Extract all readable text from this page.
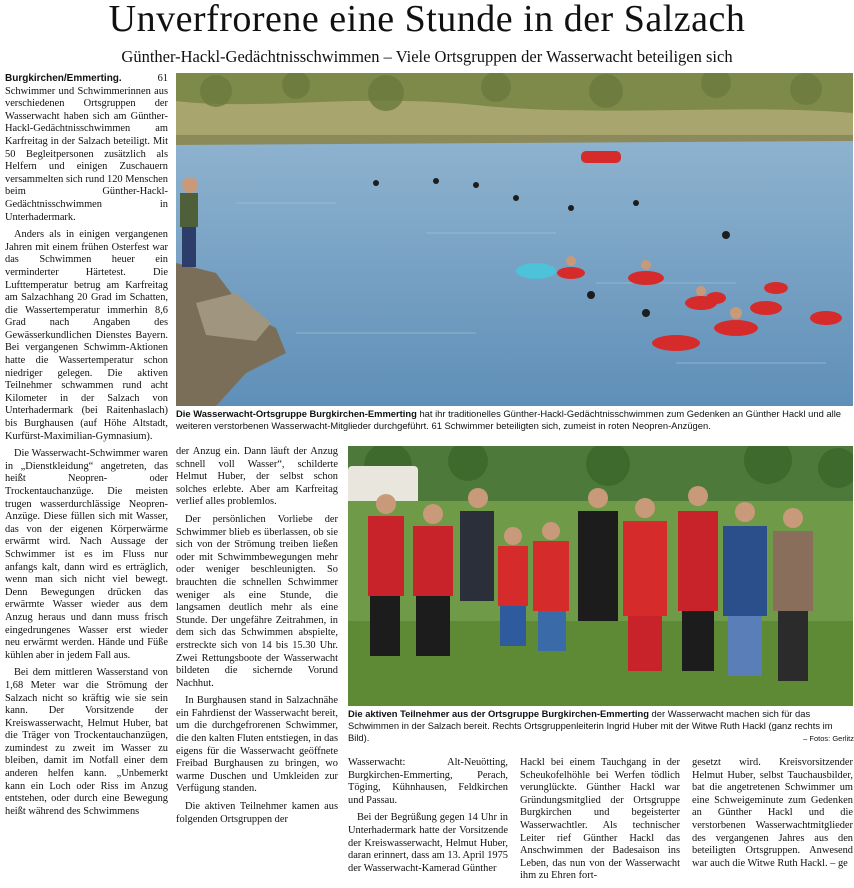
Unverfrorene eine Stunde in der Salzach
Günther-Hackl-Gedächtnisschwimmen – Viele Ortsgruppen der Wasserwacht beteiligen sich

Burgkirchen/Emmerting.	61 Schwimmer und Schwimmerinnen aus verschiedenen Ortsgruppen der Wasserwacht haben sich am Günther-Hackl-Gedächtnisschwimmen am Karfreitag in der Salzach beteiligt. Mit 50 Begleitpersonen zusätzlich als Helfern und einigen Zuschauern versammelten sich rund 120 Menschen beim Günther-Hackl-Gedächtnisschwimmen in Unterhadermark.

Anders als in einigen vergangenen Jahren mit einem frühen Osterfest war das Schwimmen heuer ein verminderter Härtetest. Die Lufttemperatur betrug am Karfreitag am Salzachhang 20 Grad im Schatten, die Wassertemperatur immerhin 8,6 Grad nach Angaben des Gewässerkundlichen Dienstes Bayern. Bei vergangenen Schwimm-Aktionen hatte die Wassertemperatur schon niedriger gelegen. Die aktiven Teilnehmer schwammen rund acht Kilometer in der Salzach von Unterhadermark (bei Raitenhaslach) bis Burghausen (auf Höhe Altstadt, Kurfürst-Maximilian-Gymnasium).

Die Wasserwacht-Schwimmer waren in „Dienstkleidung“ angetreten, das heißt Neopren- oder Trockentauchanzüge. Die meisten trugen wasserdurchlässige Neopren-Anzüge. Diese füllen sich mit Wasser, das von der eigenen Körperwärme erwärmt wird. Nach Aussage der Schwimmer ist es im Fluss nur anfangs kalt, dann wird es erträglich, wenn man sich nicht viel bewegt. Denn Bewegungen drücken das erwärmte Wasser wieder aus dem Anzug heraus und dann muss frisch eingedrungenes Wasser erst wieder neu erwärmt werden. Hände und Füße kühlen aber in jedem Fall aus.

Bei dem mittleren Wasserstand von 1,68 Meter war die Strömung der Salzach nicht so kräftig wie sie sein kann. Der Vorsitzende der Kreiswasserwacht, Helmut Huber, bat die Träger von Trockentauchanzügen, zumindest zu zweit im Wasser zu bleiben, damit im Notfall einer dem anderen helfen kann. „Unbemerkt kann ein Loch oder Riss im Anzug entstehen, oder durch eine Bewegung heißt während des Schwimmens

Die Wasserwacht-Ortsgruppe Burgkirchen-Emmerting hat ihr traditionelles Günther-Hackl-Gedächtnisschwimmen zum Gedenken an Günther Hackl und alle weiteren verstorbenen Wasserwacht-Mitglieder durchgeführt. 61 Schwimmer beteiligten sich, zumeist in roten Neopren-Anzügen.

der Anzug ein. Dann läuft der Anzug schnell voll Wasser“, schilderte Helmut Huber, der selbst schon solches erlebte. Aber am Karfreitag verlief alles problemlos.

Der persönlichen Vorliebe der Schwimmer blieb es überlassen, ob sie sich von der Strömung treiben ließen oder mit Schwimmbewegungen mehr oder weniger beschleunigten. So brauchten die schnellen Schwimmer weniger als eine Stunde, die langsamen deutlich mehr als eine Stunde. Der ungefähre Zeitrahmen, in dem sich das Schwimmen abspielte, erstreckte sich von 14 bis 15.30 Uhr. Zwei Rettungsboote der Wasserwacht bildeten die sichernde Vorund Nachhut.

In Burghausen stand in Salzachnähe ein Fahrdienst der Wasserwacht bereit, um die durchgefrorenen Schwimmer, die den kalten Fluten entstiegen, in das eigens für die Wasserwacht geöffnete Freibad Burghausen zu bringen, wo warme Duschen und Umkleiden zur Verfügung standen.

Die aktiven Teilnehmer kamen aus folgenden Ortsgruppen der

Die aktiven Teilnehmer aus der Ortsgruppe Burgkirchen-Emmerting der Wasserwacht machen sich für das Schwimmen in der Salzach bereit. Rechts Ortsgruppenleiterin Ingrid Huber mit der Witwe Ruth Hackl (ganz rechts im Bild).	– Fotos: Gerlitz

Wasserwacht: Alt-Neuötting, Burgkirchen-Emmerting, Perach, Töging, Kühnhausen, Feldkirchen und Passau.

Bei der Begrüßung gegen 14 Uhr in Unterhadermark hatte der Vorsitzende der Kreiswasserwacht, Helmut Huber, daran erinnert, dass am 13. April 1975 der Wasserwacht-Kamerad Günther

Hackl bei einem Tauchgang in der Scheukofelhöhle bei Werfen tödlich verunglückte. Günther Hackl war Gründungsmitglied der Ortsgruppe Burgkirchen und begeisterter Wasserwachtler. Als technischer Leiter rief Günther Hackl das Anschwimmen der Badesaison ins Leben, das nun von der Wasserwacht ihm zu Ehren fort-

gesetzt wird. Kreisvorsitzender Helmut Huber, selbst Tauchausbilder, bat die angetretenen Schwimmer um eine Schweigeminute zum Gedenken an Günther Hackl und die verstorbenen Wasserwachtmitglieder des vergangenen Jahres aus den beteiligten Ortsgruppen. Anwesend war auch die Witwe Ruth Hackl. – ge
